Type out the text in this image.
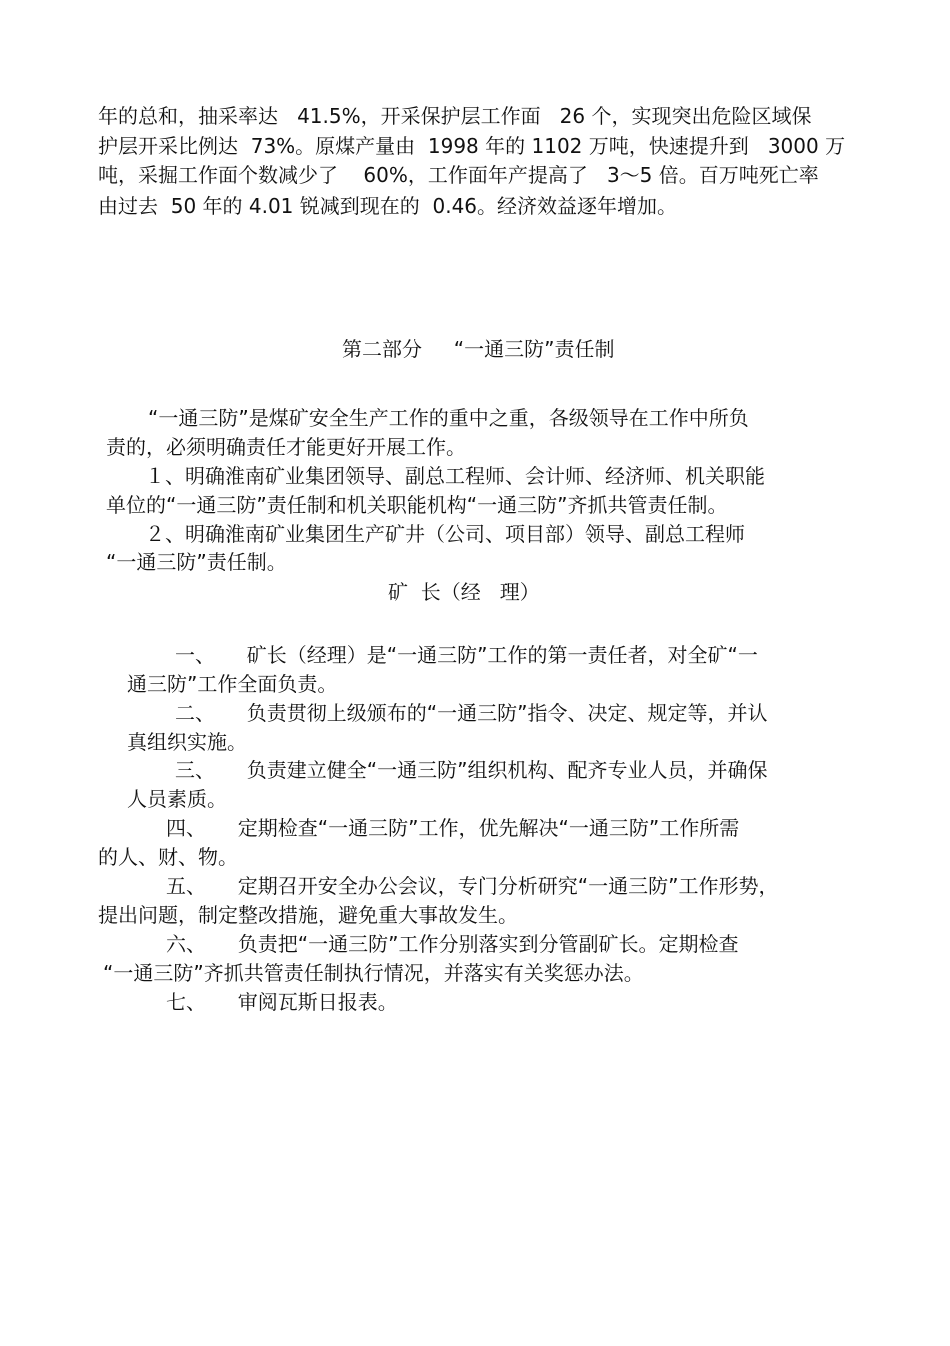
年的总和，抽采率达   41.5%，开采保护层工作面   26 个，实现突出危险区域保
护层开采比例达  73%。原煤产量由  1998 年的 1102 万吨，快速提升到   3000 万
吨，采掘工作面个数减少了    60%，工作面年产提高了   3～5 倍。百万吨死亡率
由过去  50 年的 4.01 锐减到现在的  0.46。经济效益逐年增加。
第二部分     “一通三防”责任制
“一通三防”是煤矿安全生产工作的重中之重，各级领导在工作中所负
责的，必须明确责任才能更好开展工作。
１、明确淮南矿业集团领导、副总工程师、会计师、经济师、机关职能
单位的“一通三防”责任制和机关职能机构“一通三防”齐抓共管责任制。
２、明确淮南矿业集团生产矿井（公司、项目部）领导、副总工程师
“一通三防”责任制。
矿  长（经   理）
一、     矿长（经理）是“一通三防”工作的第一责任者，对全矿“一
通三防”工作全面负责。
二、     负责贯彻上级颁布的“一通三防”指令、决定、规定等，并认
真组织实施。
三、     负责建立健全“一通三防”组织机构、配齐专业人员，并确保
人员素质。
四、     定期检查“一通三防”工作，优先解决“一通三防”工作所需
的人、财、物。
五、     定期召开安全办公会议，专门分析研究“一通三防”工作形势，
提出问题，制定整改措施，避免重大事故发生。
六、     负责把“一通三防”工作分别落实到分管副矿长。定期检查
“一通三防”齐抓共管责任制执行情况，并落实有关奖惩办法。
七、     审阅瓦斯日报表。
